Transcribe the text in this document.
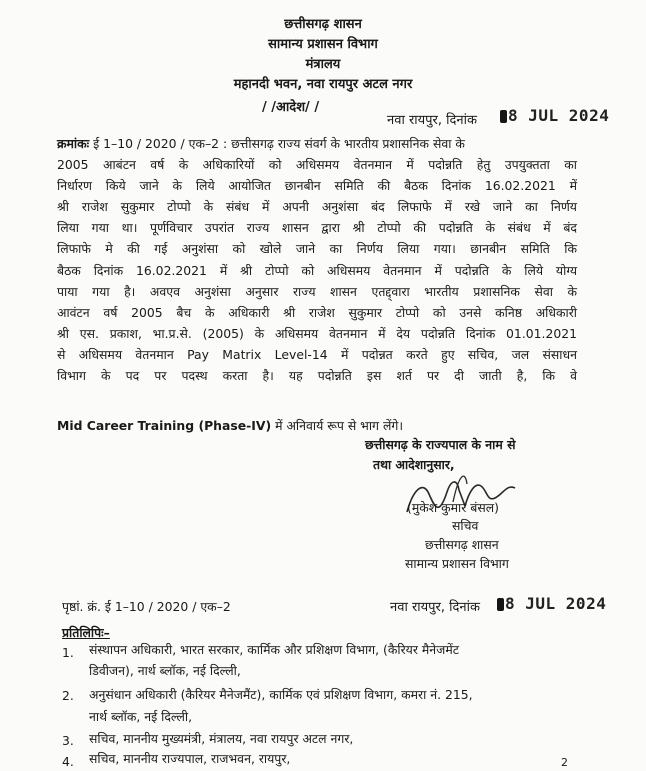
छत्तीसगढ़ शासन
सामान्य प्रशासन विभाग
मंत्रालय
महानदी भवन, नवा रायपुर अटल नगर
/ /आदेश/ /
नवा रायपुर, दिनांक 8 JUL 2024
क्रमांकः ई 1–10 / 2020 / एक–2 : छत्तीसगढ़ राज्य संवर्ग के भारतीय प्रशासनिक सेवा के
2005 आबंटन वर्ष के अधिकारियों को अधिसमय वेतनमान में पदोन्नति हेतु उपयुक्तता का
निर्धारण किये जाने के लिये आयोजित छानबीन समिति की बैठक दिनांक 16.02.2021 में
श्री राजेश सुकुमार टोप्पो के संबंध में अपनी अनुशंसा बंद लिफाफे में रखे जाने का निर्णय
लिया गया था। पूर्णविचार उपरांत राज्य शासन द्वारा श्री टोप्पो की पदोन्नति के संबंध में बंद
लिफाफे मे की गई अनुशंसा को खोले जाने का निर्णय लिया गया। छानबीन समिति कि
बैठक दिनांक 16.02.2021 में श्री टोप्पो को अधिसमय वेतनमान में पदोन्नति के लिये योग्य
पाया गया है। अवएव अनुशंसा अनुसार राज्य शासन एतद्द्वारा भारतीय प्रशासनिक सेवा के
आवंटन वर्ष 2005 बैच के अधिकारी श्री राजेश सुकुमार टोप्पो को उनसे कनिष्ठ अधिकारी
श्री एस. प्रकाश, भा.प्र.से. (2005) के अधिसमय वेतनमान में देय पदोन्नति दिनांक 01.01.2021
से अधिसमय वेतनमान Pay Matrix Level-14 में पदोन्नत करते हुए सचिव, जल संसाधन
विभाग के पद पर पदस्थ करता है। यह पदोन्नति इस शर्त पर दी जाती है, कि वे
Mid Career Training (Phase-IV) में अनिवार्य रूप से भाग लेंगे।
छत्तीसगढ़ के राज्यपाल के नाम से
तथा आदेशानुसार,
(मुकेश कुमार बंसल)
सचिव
छत्तीसगढ़ शासन
सामान्य प्रशासन विभाग
पृष्ठां. क्रं. ई 1–10 / 2020 / एक–2	नवा रायपुर, दिनांक 8 JUL 2024
प्रतिलिपिः–
1. संस्थापन अधिकारी, भारत सरकार, कार्मिक और प्रशिक्षण विभाग, (कैरियर मैनेजमेंट
डिवीजन), नार्थ ब्लॉक, नई दिल्ली,
2. अनुसंधान अधिकारी (कैरियर मैनेजमैंट), कार्मिक एवं प्रशिक्षण विभाग, कमरा नं. 215,
नार्थ ब्लॉक, नई दिल्ली,
3. सचिव, माननीय मुख्यमंत्री, मंत्रालय, नवा रायपुर अटल नगर,
4. सचिव, माननीय राज्यपाल, राजभवन, रायपुर,	2
